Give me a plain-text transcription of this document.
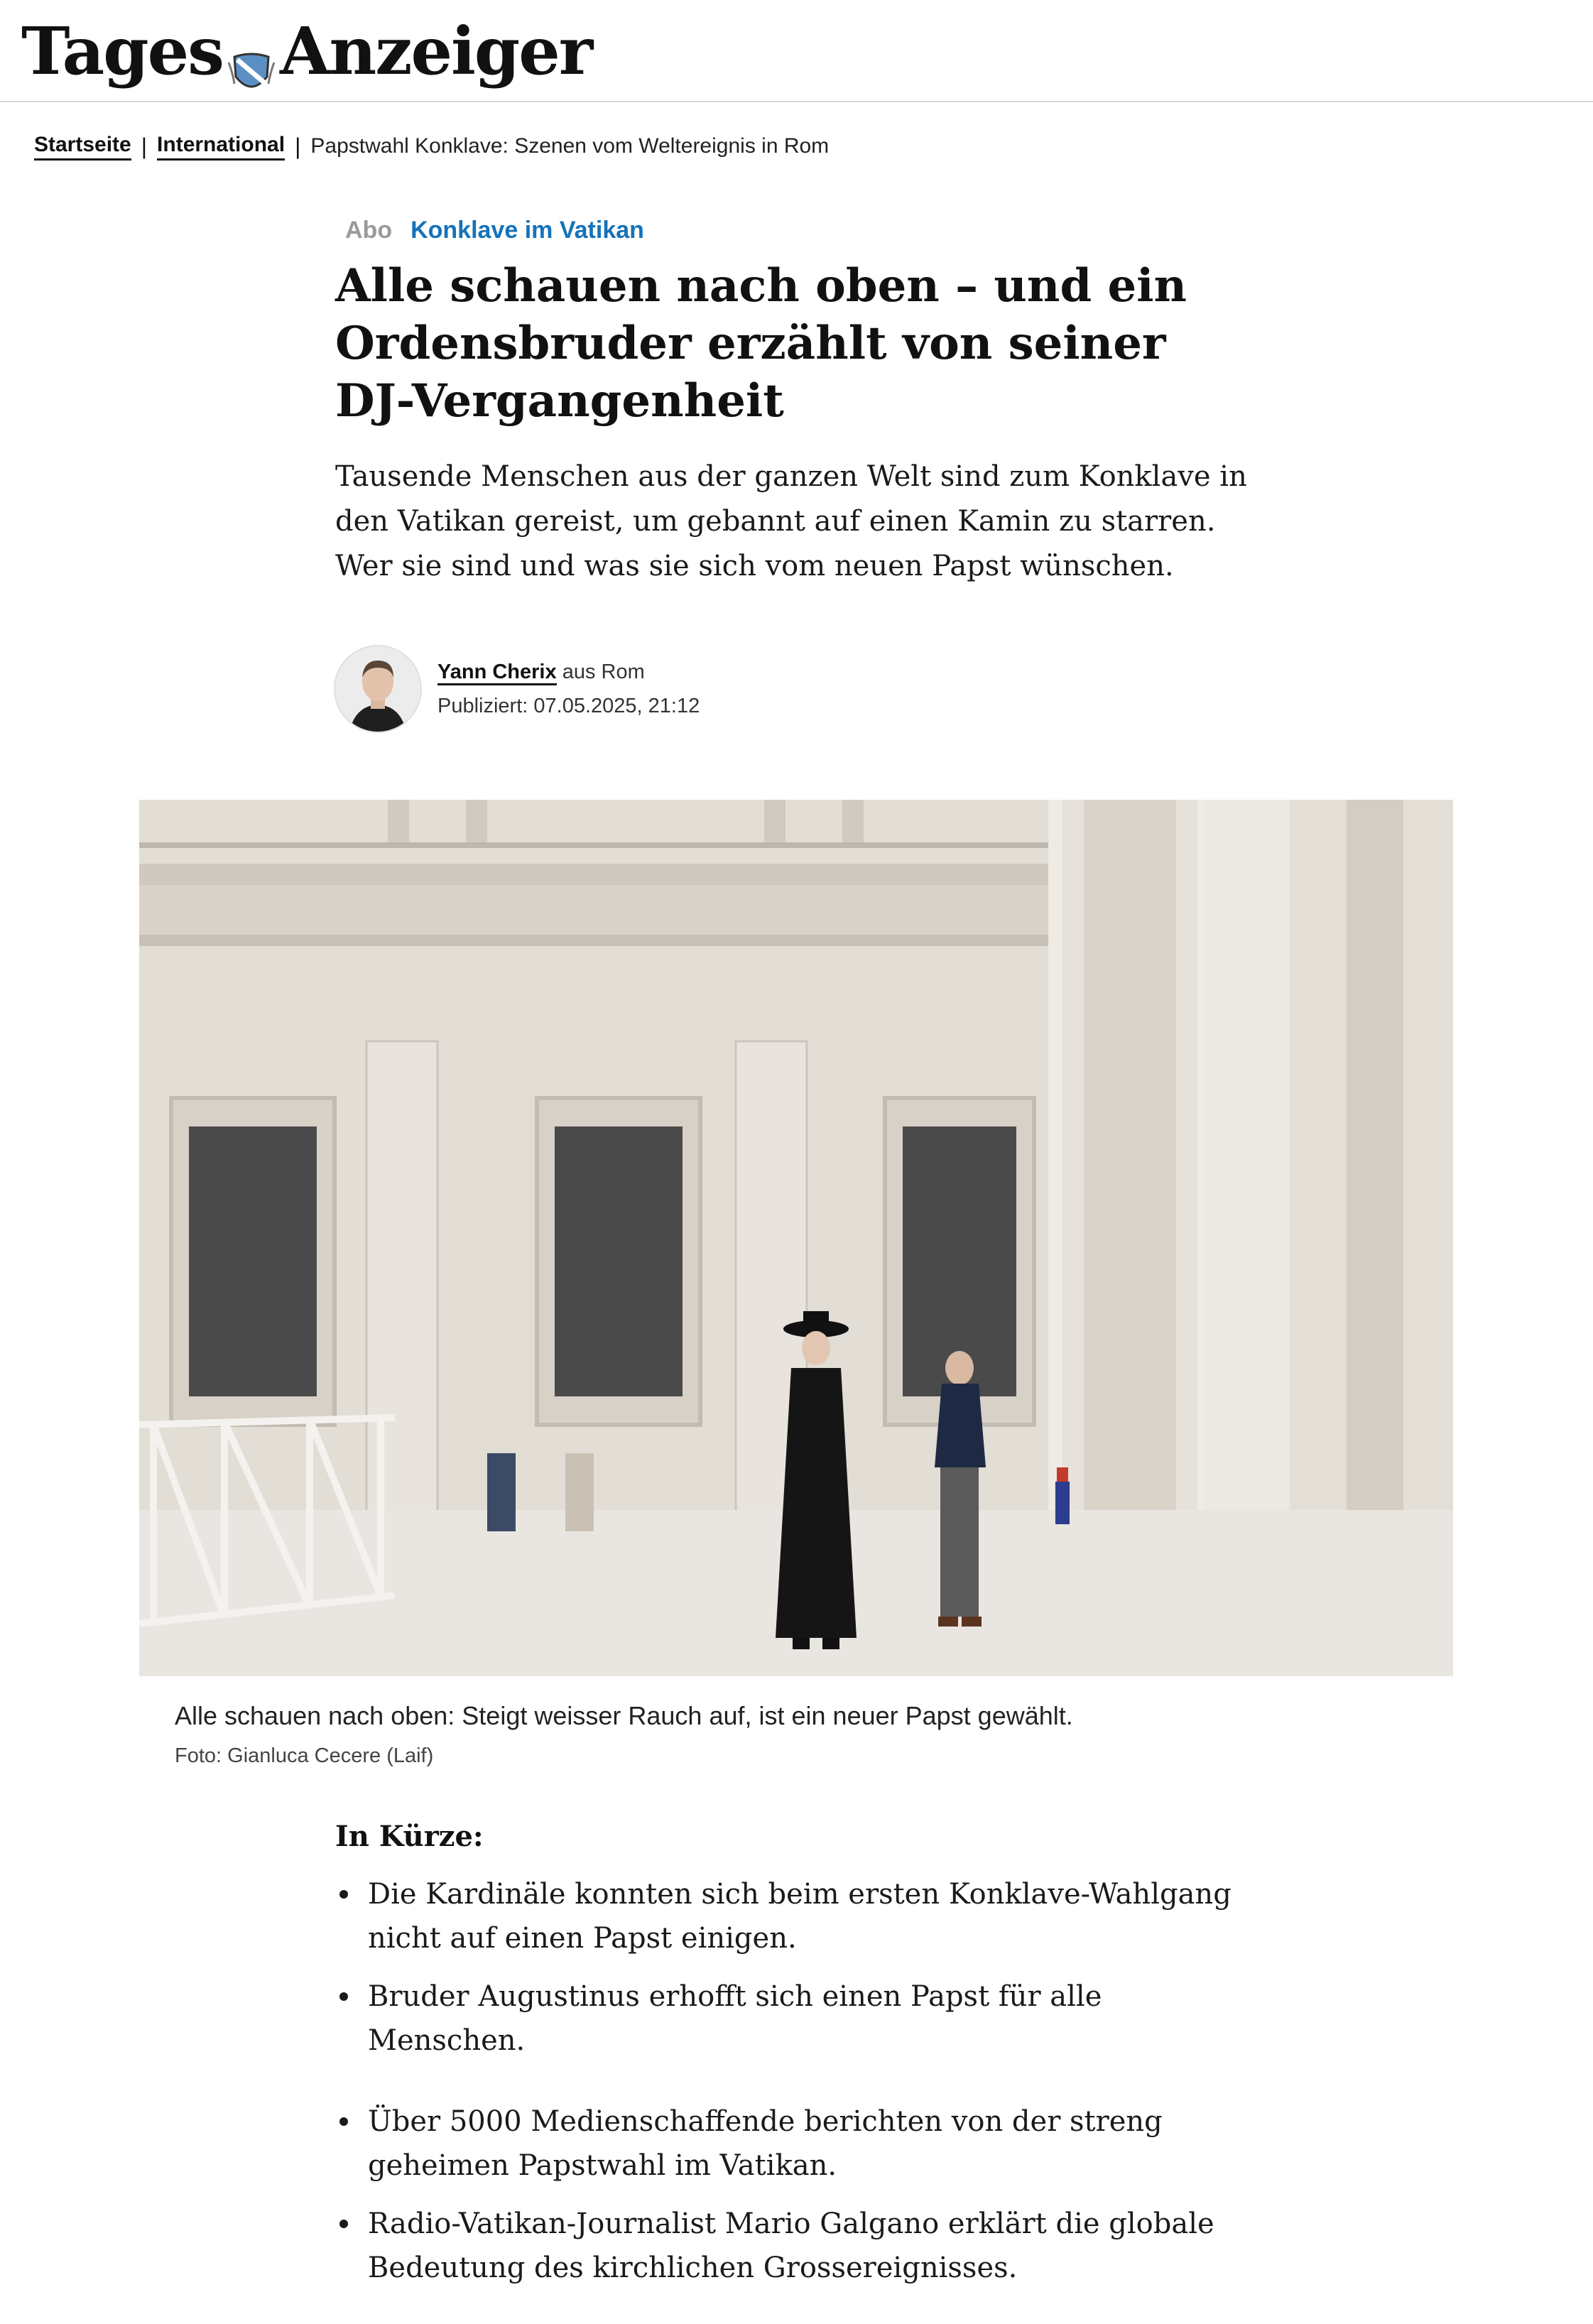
Tages Anzeiger
Startseite | International | Papstwahl Konklave: Szenen vom Weltereignis in Rom
Abo Konklave im Vatikan
Alle schauen nach oben – und ein Ordensbruder erzählt von seiner DJ-Vergangenheit

Tausende Menschen aus der ganzen Welt sind zum Konklave in den Vatikan gereist, um gebannt auf einen Kamin zu starren. Wer sie sind und was sie sich vom neuen Papst wünschen.

Yann Cherix aus Rom
Publiziert: 07.05.2025, 21:12
Alle schauen nach oben: Steigt weisser Rauch auf, ist ein neuer Papst gewählt.
Foto: Gianluca Cecere (Laif)
In Kürze:
Die Kardinäle konnten sich beim ersten Konklave-Wahlgang nicht auf einen Papst einigen.
Bruder Augustinus erhofft sich einen Papst für alle Menschen.
Über 5000 Medienschaffende berichten von der streng geheimen Papstwahl im Vatikan.
Radio-Vatikan-Journalist Mario Galgano erklärt die globale Bedeutung des kirchlichen Grossereignisses.
